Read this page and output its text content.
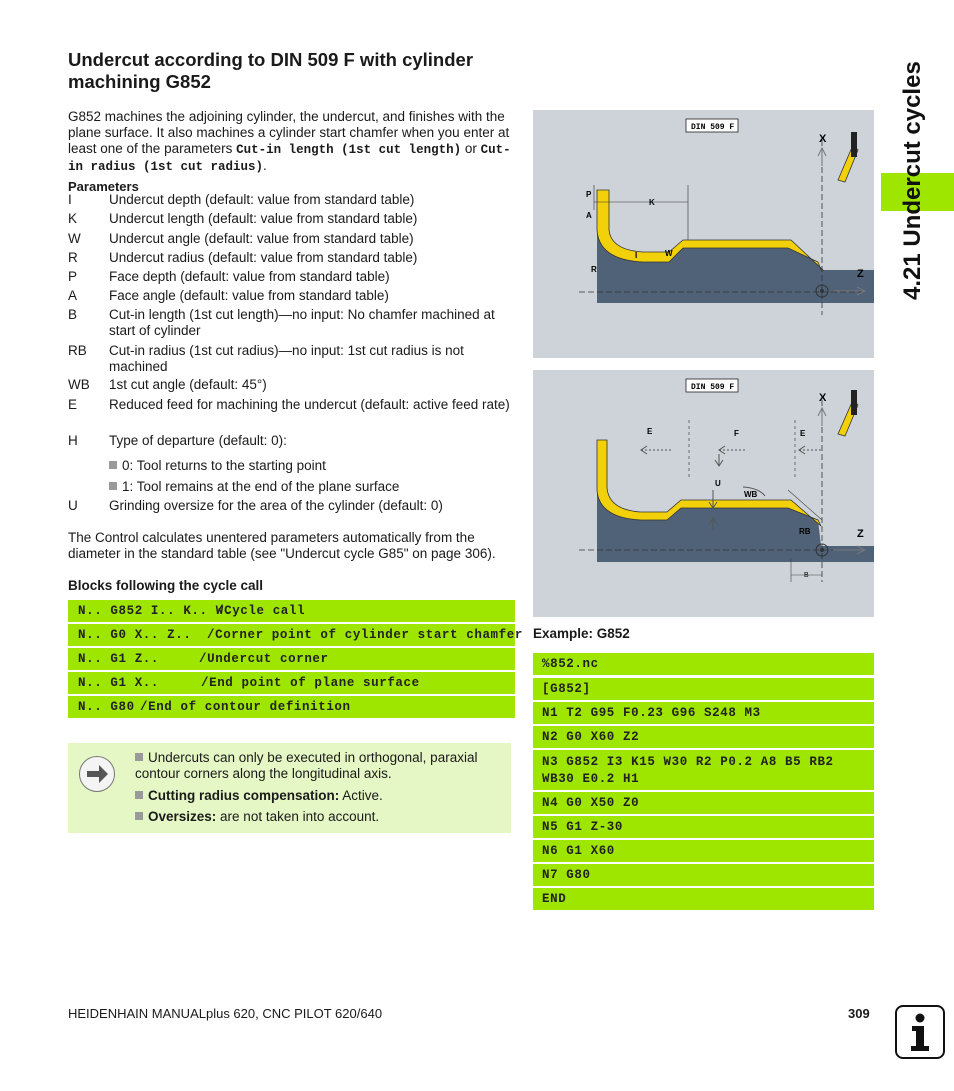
Undercut according to DIN 509 F with cylinder machining G852
G852 machines the adjoining cylinder, the undercut, and finishes with the plane surface. It also machines a cylinder start chamfer when you enter at least one of the parameters Cut-in length (1st cut length) or Cut-in radius (1st cut radius).
Parameters
I	Undercut depth (default: value from standard table)
K Undercut length (default: value from standard table)
W Undercut angle (default: value from standard table)
R Undercut radius (default: value from standard table)
P Face depth (default: value from standard table)
A Face angle (default: value from standard table)
B Cut-in length (1st cut length)—no input: No chamfer machined at start of cylinder
RB Cut-in radius (1st cut radius)—no input: 1st cut radius is not machined
WB 1st cut angle (default: 45°)
E Reduced feed for machining the undercut (default: active feed rate)
H Type of departure (default: 0):
0: Tool returns to the starting point
1: Tool remains at the end of the plane surface
U Grinding oversize for the area of the cylinder (default: 0)
The Control calculates unentered parameters automatically from the diameter in the standard table (see "Undercut cycle G85" on page 306).
Blocks following the cycle call
N.. G852 I.. K.. W..
/Cycle call
N.. G0 X.. Z.. /Corner point of cylinder start chamfer
N.. G1 Z..	/Undercut corner
N.. G1 X..	/End point of plane surface
N.. G80 /End of contour definition
Undercuts can only be executed in orthogonal, paraxial contour corners along the longitudinal axis.
Cutting radius compensation: Active.
Oversizes: are not taken into account.
DIN 509 F
P
A
K
I	W
R
X
Z
DIN 509 F
E	F	E
U
WB
RB
B
X
Z
Example: G852
%852.nc
[G852]
N1 T2 G95 F0.23 G96 S248 M3
N2 G0 X60 Z2
N3 G852 I3 K15 W30 R2 P0.2 A8 B5 RB2 WB30 E0.2 H1
N4 G0 X50 Z0
N5 G1 Z-30
N6 G1 X60
N7 G80
END
4.21 Undercut cycles
HEIDENHAIN MANUALplus 620, CNC PILOT 620/640	309
